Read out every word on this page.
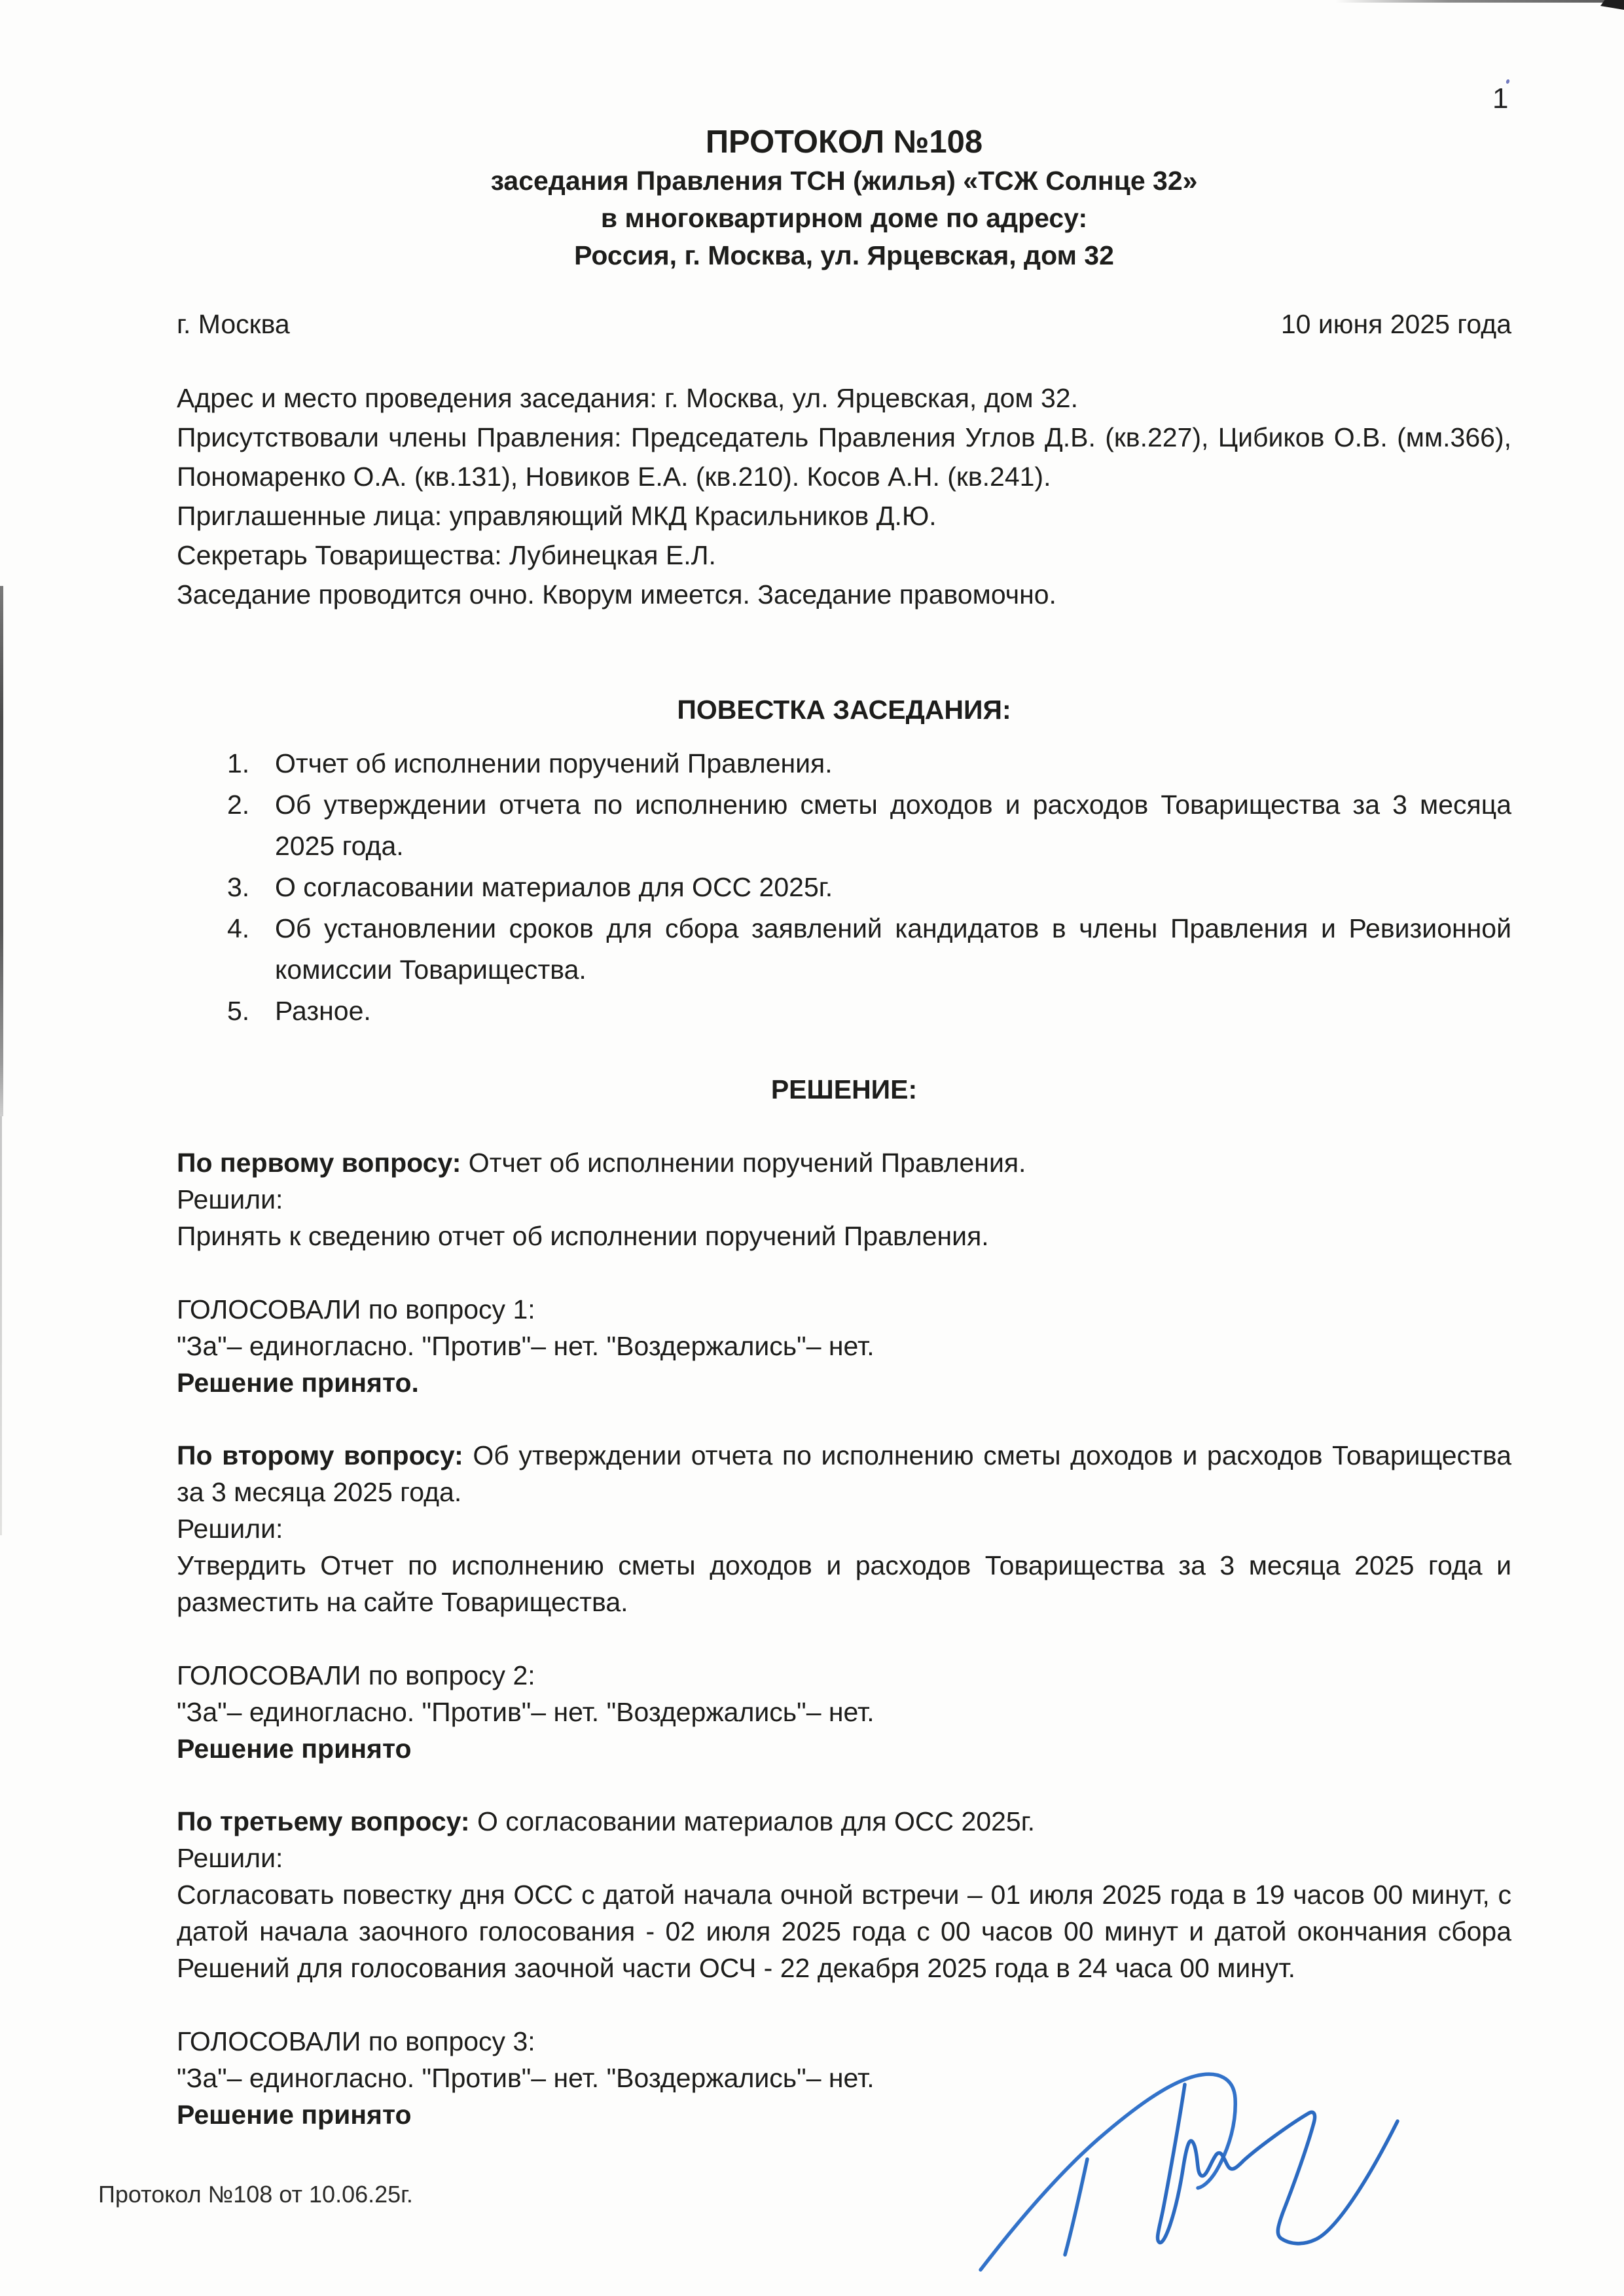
1
ПРОТОКОЛ №108
заседания Правления ТСН (жилья) «ТСЖ Солнце 32»
в многоквартирном доме по адресу:
Россия, г. Москва, ул. Ярцевская, дом 32
г. Москва	10 июня 2025 года
Адрес и место проведения заседания: г. Москва, ул. Ярцевская, дом 32.
Присутствовали члены Правления: Председатель Правления Углов Д.В. (кв.227), Цибиков О.В. (мм.366),
Пономаренко О.А. (кв.131), Новиков Е.А. (кв.210). Косов А.Н. (кв.241).
Приглашенные лица: управляющий МКД Красильников Д.Ю.
Секретарь Товарищества: Лубинецкая Е.Л.
Заседание проводится очно. Кворум имеется. Заседание правомочно.
ПОВЕСТКА ЗАСЕДАНИЯ:
1. Отчет об исполнении поручений Правления.
2. Об утверждении отчета по исполнению сметы доходов и расходов Товарищества за 3 месяца
2025 года.
3. О согласовании материалов для ОСС 2025г.
4. Об установлении сроков для сбора заявлений кандидатов в члены Правления и Ревизионной
комиссии Товарищества.
5. Разное.
РЕШЕНИЕ:
По первому вопросу: Отчет об исполнении поручений Правления.
Решили:
Принять к сведению отчет об исполнении поручений Правления.
ГОЛОСОВАЛИ по вопросу 1:
"За"– единогласно. "Против"– нет. "Воздержались"– нет.
Решение принято.
По второму вопросу: Об утверждении отчета по исполнению сметы доходов и расходов Товарищества
за 3 месяца 2025 года.
Решили:
Утвердить Отчет по исполнению сметы доходов и расходов Товарищества за 3 месяца 2025 года и
разместить на сайте Товарищества.
ГОЛОСОВАЛИ по вопросу 2:
"За"– единогласно. "Против"– нет. "Воздержались"– нет.
Решение принято
По третьему вопросу: О согласовании материалов для ОСС 2025г.
Решили:
Согласовать повестку дня ОСС с датой начала очной встречи – 01 июля 2025 года в 19 часов 00 минут, с
датой начала заочного голосования - 02 июля 2025 года с 00 часов 00 минут и датой окончания сбора
Решений для голосования заочной части ОСЧ - 22 декабря 2025 года в 24 часа 00 минут.
ГОЛОСОВАЛИ по вопросу 3:
"За"– единогласно. "Против"– нет. "Воздержались"– нет.
Решение принято
Протокол №108 от 10.06.25г.
